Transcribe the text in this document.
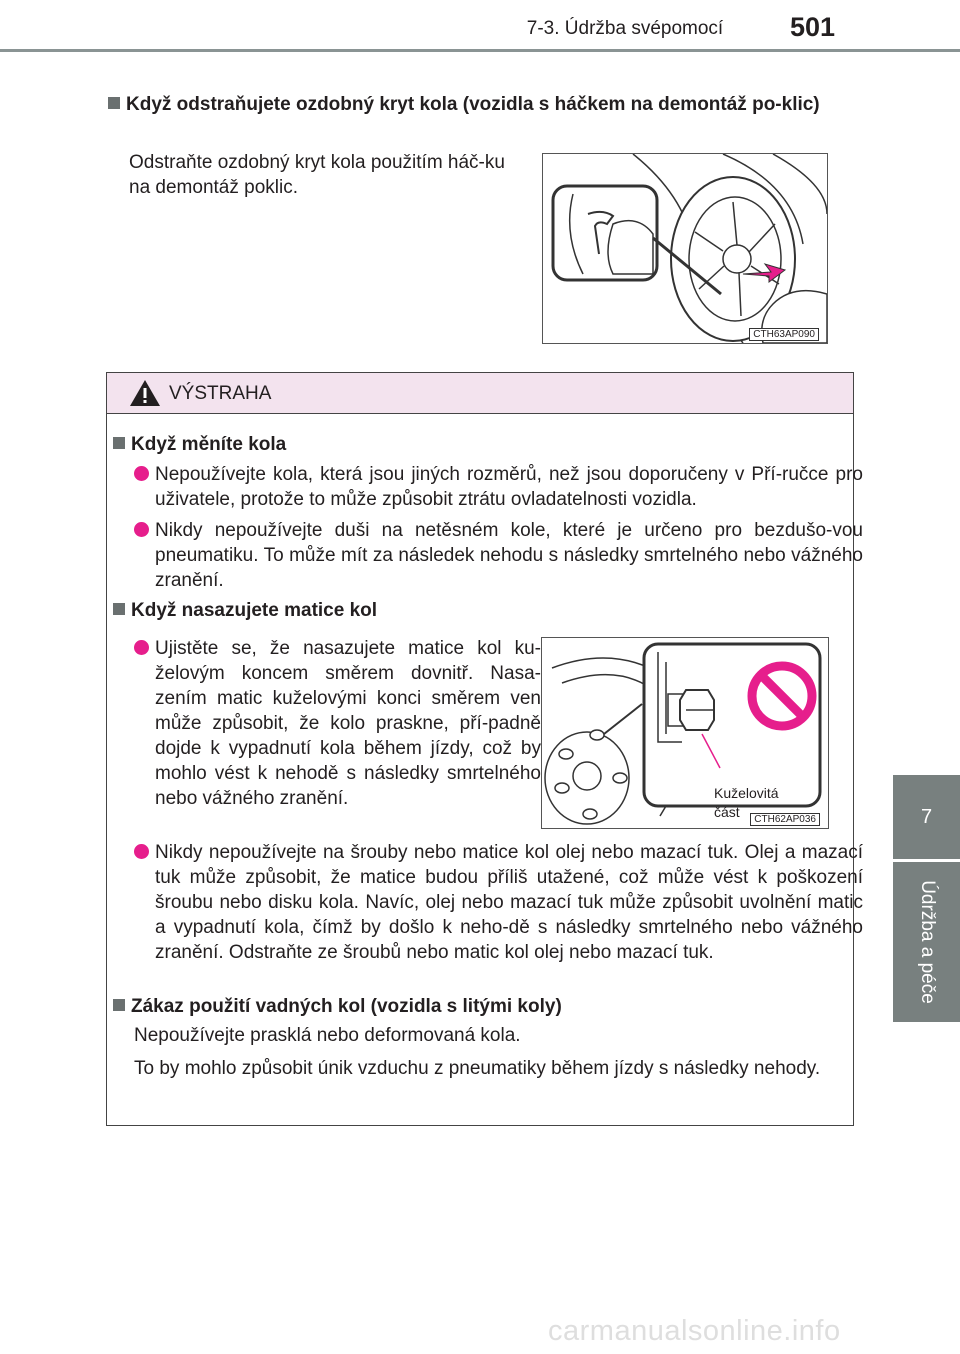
7-3. Údržba svépomocí	501
7
Údržba a péče
Když odstraňujete ozdobný kryt kola (vozidla s háčkem na demontáž po-klic)
Odstraňte ozdobný kryt kola použitím háč-ku na demontáž poklic.
CTH63AP090
VÝSTRAHA
Když měníte kola
Nepoužívejte kola, která jsou jiných rozměrů, než jsou doporučeny v Pří-ručce pro uživatele, protože to může způsobit ztrátu ovladatelnosti vozidla.
Nikdy nepoužívejte duši na netěsném kole, které je určeno pro bezdušo-vou pneumatiku. To může mít za následek nehodu s následky smrtelného nebo vážného zranění.
Když nasazujete matice kol
Ujistěte se, že nasazujete matice kol ku-želovým koncem směrem dovnitř. Nasa-zením matic kuželovými konci směrem ven může způsobit, že kolo praskne, pří-padně dojde k vypadnutí kola během jízdy, což by mohlo vést k nehodě s následky smrtelného nebo vážného zranění.	Kuželovitá
část	CTH62AP036
Nikdy nepoužívejte na šrouby nebo matice kol olej nebo mazací tuk. Olej a mazací tuk může způsobit, že matice budou příliš utažené, což může vést k poškození šroubu nebo disku kola. Navíc, olej nebo mazací tuk může způsobit uvolnění matic a vypadnutí kola, čímž by došlo k neho-dě s následky smrtelného nebo vážného zranění. Odstraňte ze šroubů nebo matic kol olej nebo mazací tuk.
Zákaz použití vadných kol (vozidla s litými koly)
Nepoužívejte prasklá nebo deformovaná kola.
To by mohlo způsobit únik vzduchu z pneumatiky během jízdy s následky nehody.
carmanualsonline.info
